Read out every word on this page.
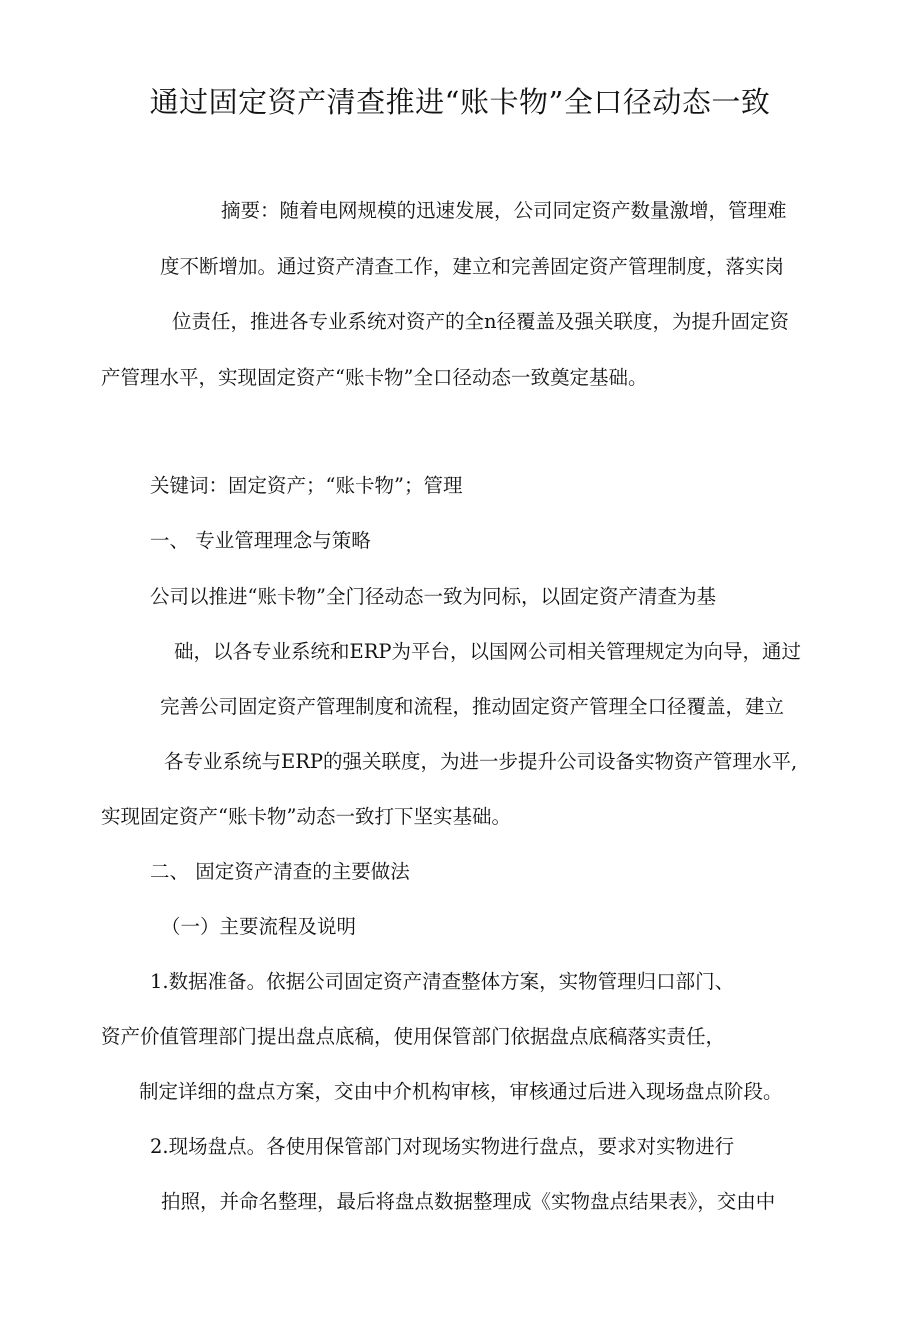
通过固定资产清查推进“账卡物”全口径动态一致
摘要：随着电网规模的迅速发展，公司同定资产数量激增，管理难
度不断增加。通过资产清查工作，建立和完善固定资产管理制度，落实岗
位责任，推进各专业系统对资产的全n径覆盖及强关联度，为提升固定资
产管理水平，实现固定资产“账卡物”全口径动态一致奠定基础。
关键词：固定资产；“账卡物”；管理
一、 专业管理理念与策略
公司以推进“账卡物”全门径动态一致为冋标，以固定资产清查为基
础，以各专业系统和ERP为平台，以国网公司相关管理规定为向导，通过
完善公司固定资产管理制度和流程，推动固定资产管理全口径覆盖，建立
各专业系统与ERP的强关联度，为进一步提升公司设备实物资产管理水平,
实现固定资产“账卡物”动态一致打下坚实基础。
二、 固定资产清查的主要做法
（一）主要流程及说明
1.数据准备。依据公司固定资产清查整体方案，实物管理归口部门、
资产价值管理部门提出盘点底稿，使用保管部门依据盘点底稿落实责任，
制定详细的盘点方案，交由中介机构审核，审核通过后进入现场盘点阶段。
2.现场盘点。各使用保管部门对现场实物进行盘点，要求对实物进行
拍照，并命名整理，最后将盘点数据整理成《实物盘点结果表》，交由中
